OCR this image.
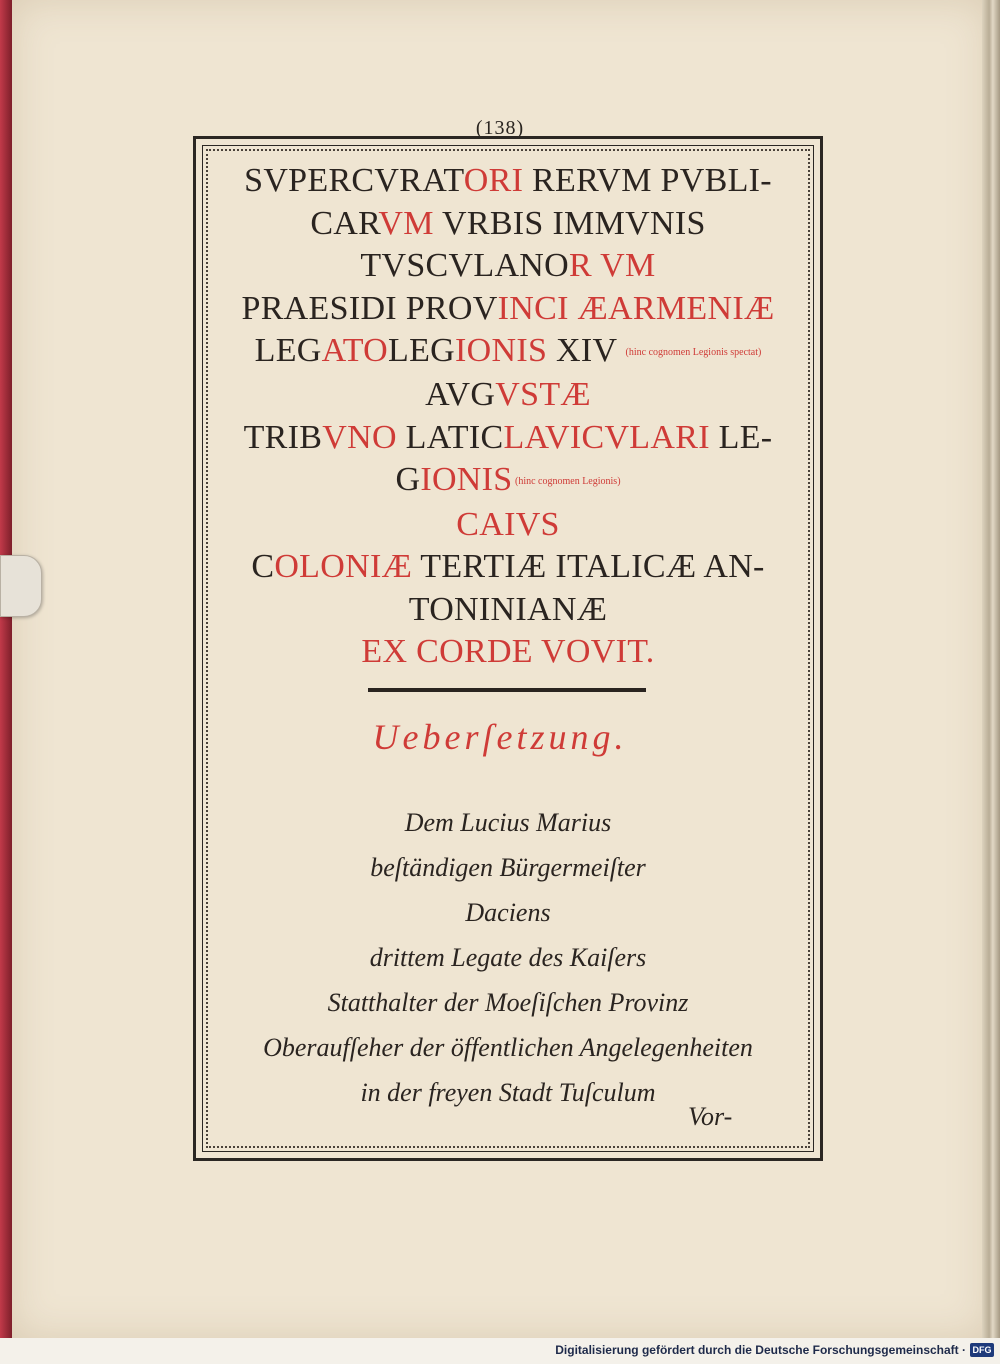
(138)
SVPERCVRATORI RERVM PVBLI-
CARVM VRBIS IMMVNIS
TVSCVLANOR VM
PRAESIDI PROVINCI ÆARMENIÆ
LEGATOLEGIONIS XIV (hinc cognomen Legionis spectat)
AVGVSTÆ
TRIBVNO LATICLAVICVLARI LE-
GIONIS (hinc cognomen Legionis)
CAIVS
COLONIÆ TERTIÆ ITALICÆ AN-
TONINIANÆ
EX CORDE VOVIT.
Ueberſetzung.
Dem Lucius Marius
beſtändigen Bürgermeiſter
Daciens
drittem Legate des Kaiſers
Statthalter der Moeſiſchen Provinz
Oberaufſeher der öffentlichen Angelegenheiten
in der freyen Stadt Tuſculum
Vor-
Digitalisierung gefördert durch die Deutsche Forschungsgemeinschaft · DFG
